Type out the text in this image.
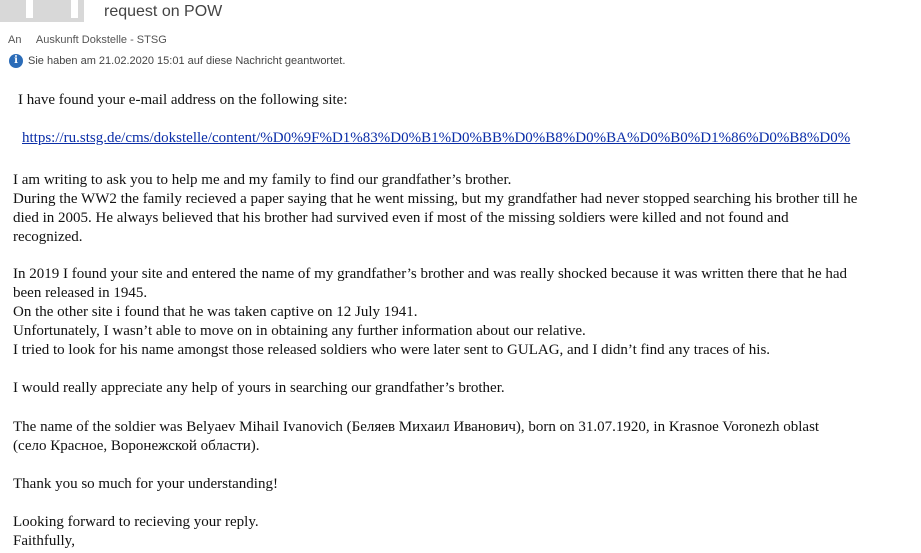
request on POW
An Auskunft Dokstelle - STSG
i Sie haben am 21.02.2020 15:01 auf diese Nachricht geantwortet.

I have found your e-mail address on the following site:

https://ru.stsg.de/cms/dokstelle/content/%D0%9F%D1%83%D0%B1%D0%BB%D0%B8%D0%BA%D0%B0%D1%86%D0%B8%D0%

I am writing to ask you to help me and my family to find our grandfather’s brother.
During the WW2 the family recieved a paper saying that he went missing, but my grandfather had never stopped searching his brother till he
died in 2005. He always believed that his brother had survived even if most of the missing soldiers were killed and not found and
recognized.

In 2019 I found your site and entered the name of my grandfather’s brother and was really shocked because it was written there that he had
been released in 1945.
On the other site i found that he was taken captive on 12 July 1941.
Unfortunately, I wasn’t able to move on in obtaining any further information about our relative.
I tried to look for his name amongst those released soldiers who were later sent to GULAG, and I didn’t find any traces of his.

I would really appreciate any help of yours in searching our grandfather’s brother.

The name of the soldier was Belyaev Mihail Ivanovich (Беляев Михаил Иванович), born on 31.07.1920, in Krasnoe Voronezh oblast
(село Красное, Воронежской области).

Thank you so much for your understanding!

Looking forward to recieving your reply.
Faithfully,
